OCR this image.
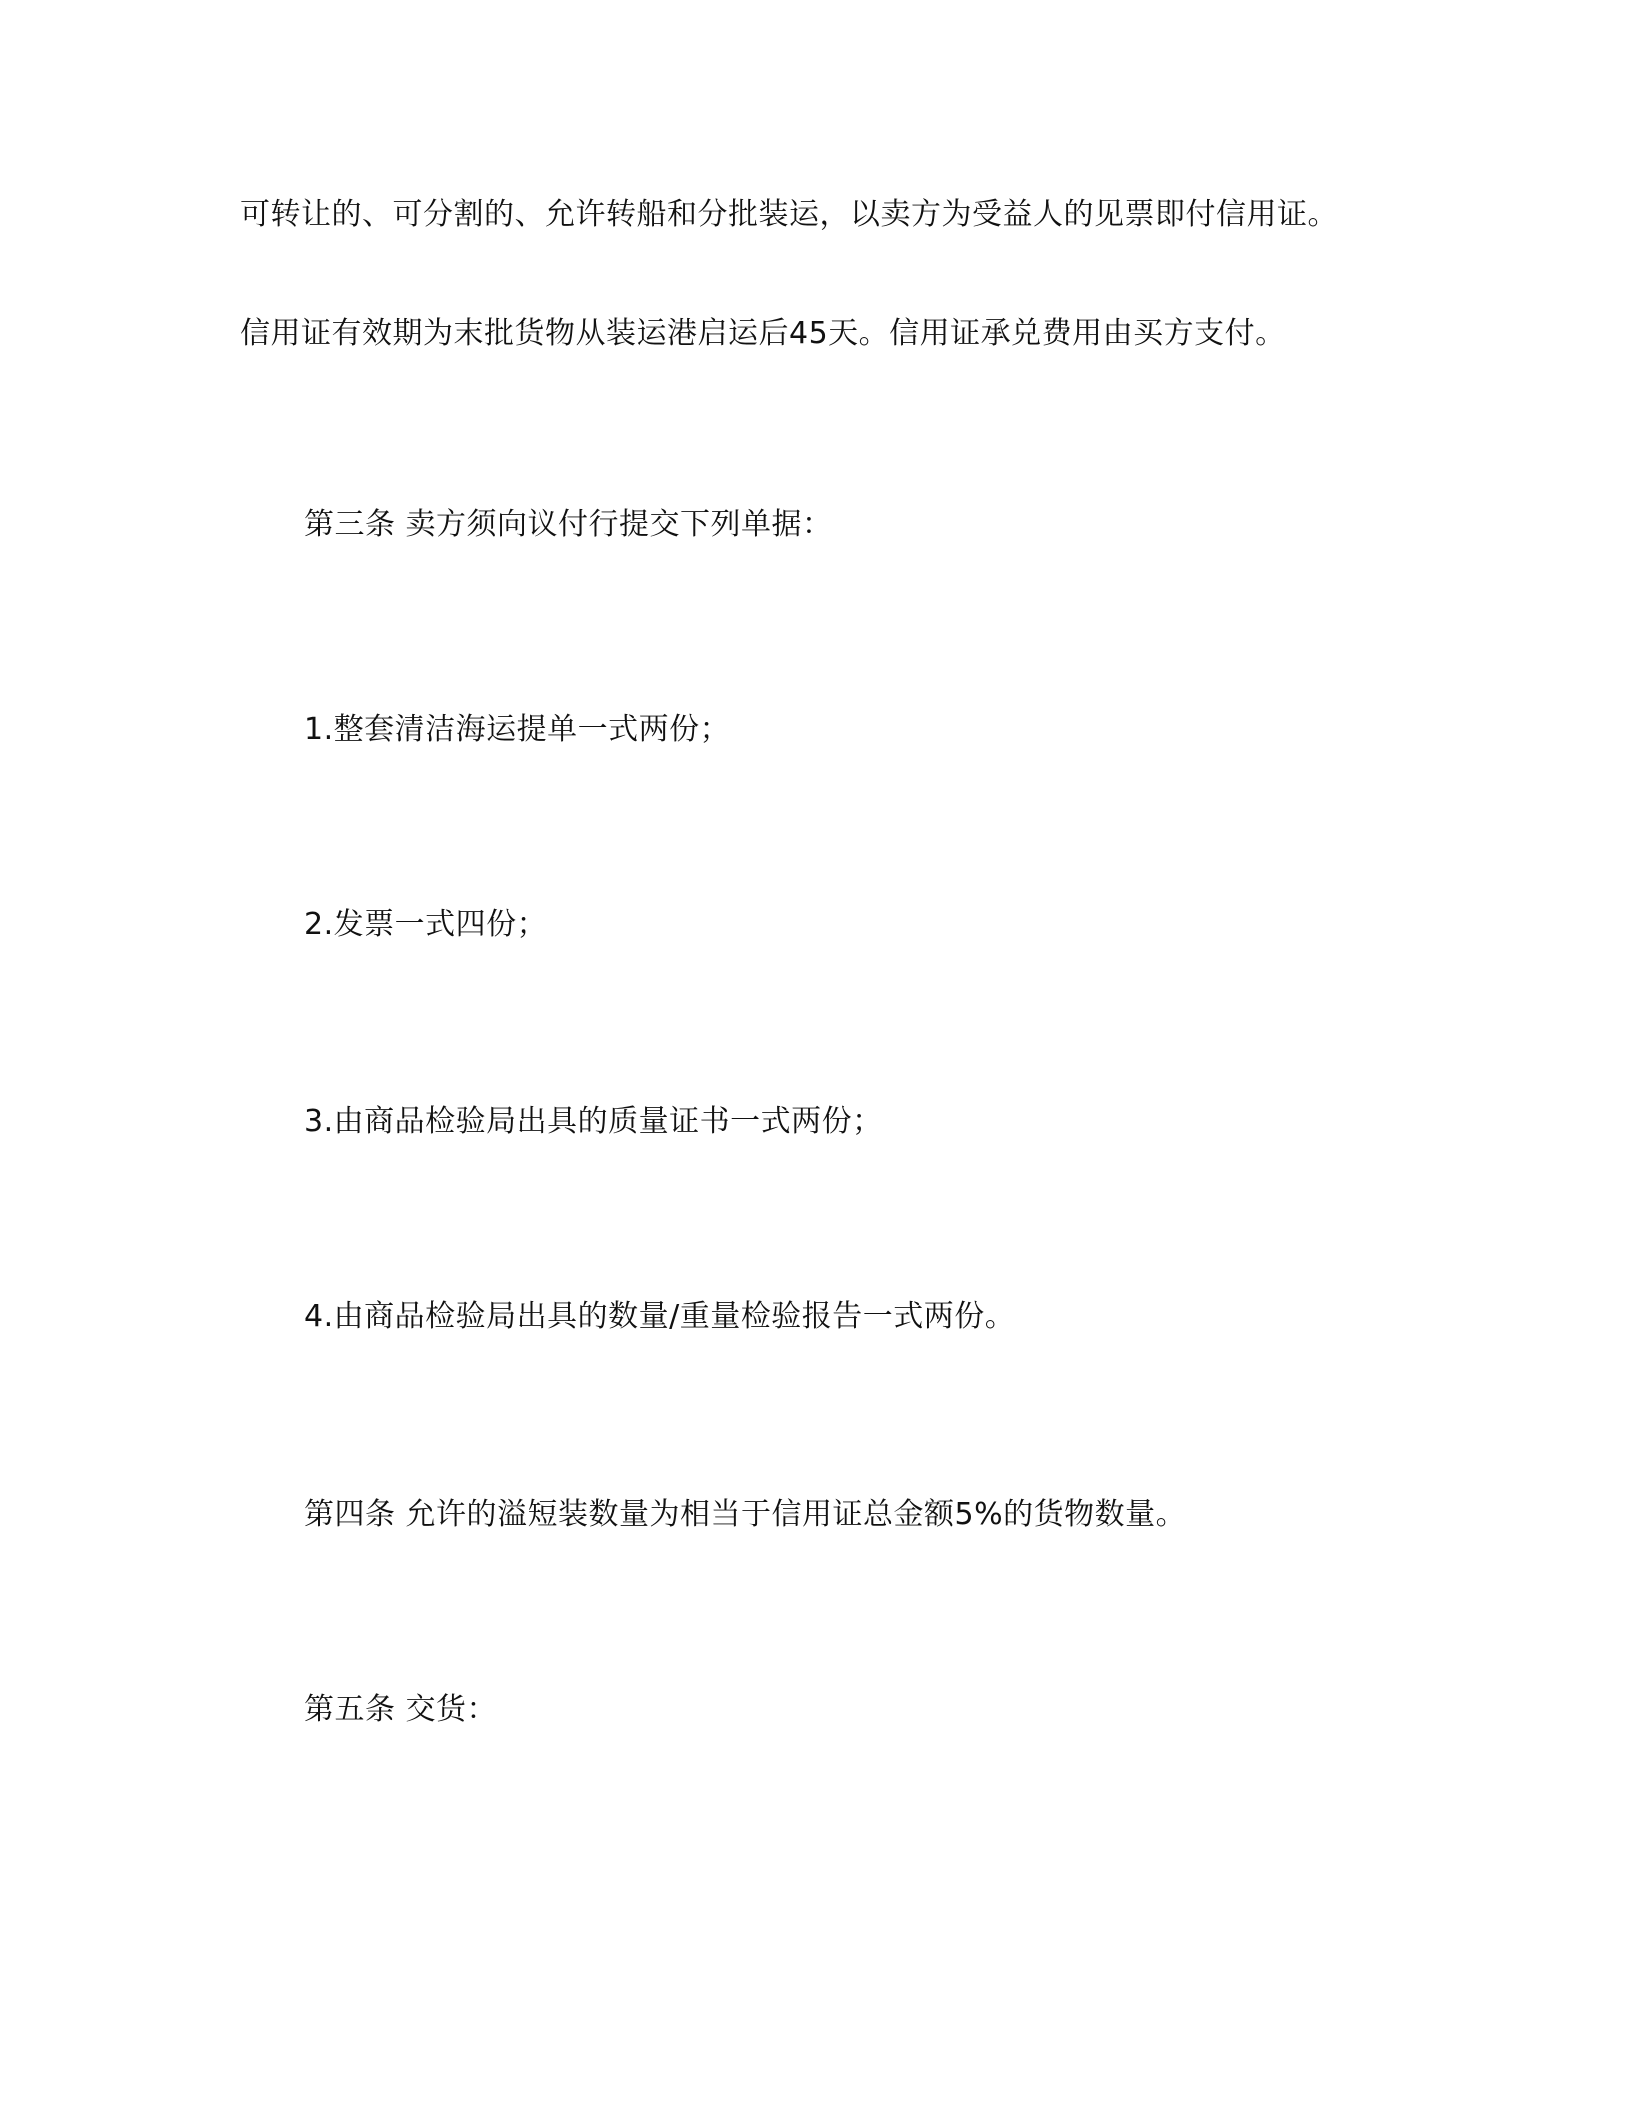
可转让的、可分割的、允许转船和分批装运，以卖方为受益人的见票即付信用证。
信用证有效期为末批货物从装运港启运后45天。信用证承兑费用由买方支付。
第三条 卖方须向议付行提交下列单据：
1.整套清洁海运提单一式两份；
2.发票一式四份；
3.由商品检验局出具的质量证书一式两份；
4.由商品检验局出具的数量/重量检验报告一式两份。
第四条 允许的溢短装数量为相当于信用证总金额5%的货物数量。
第五条 交货：
